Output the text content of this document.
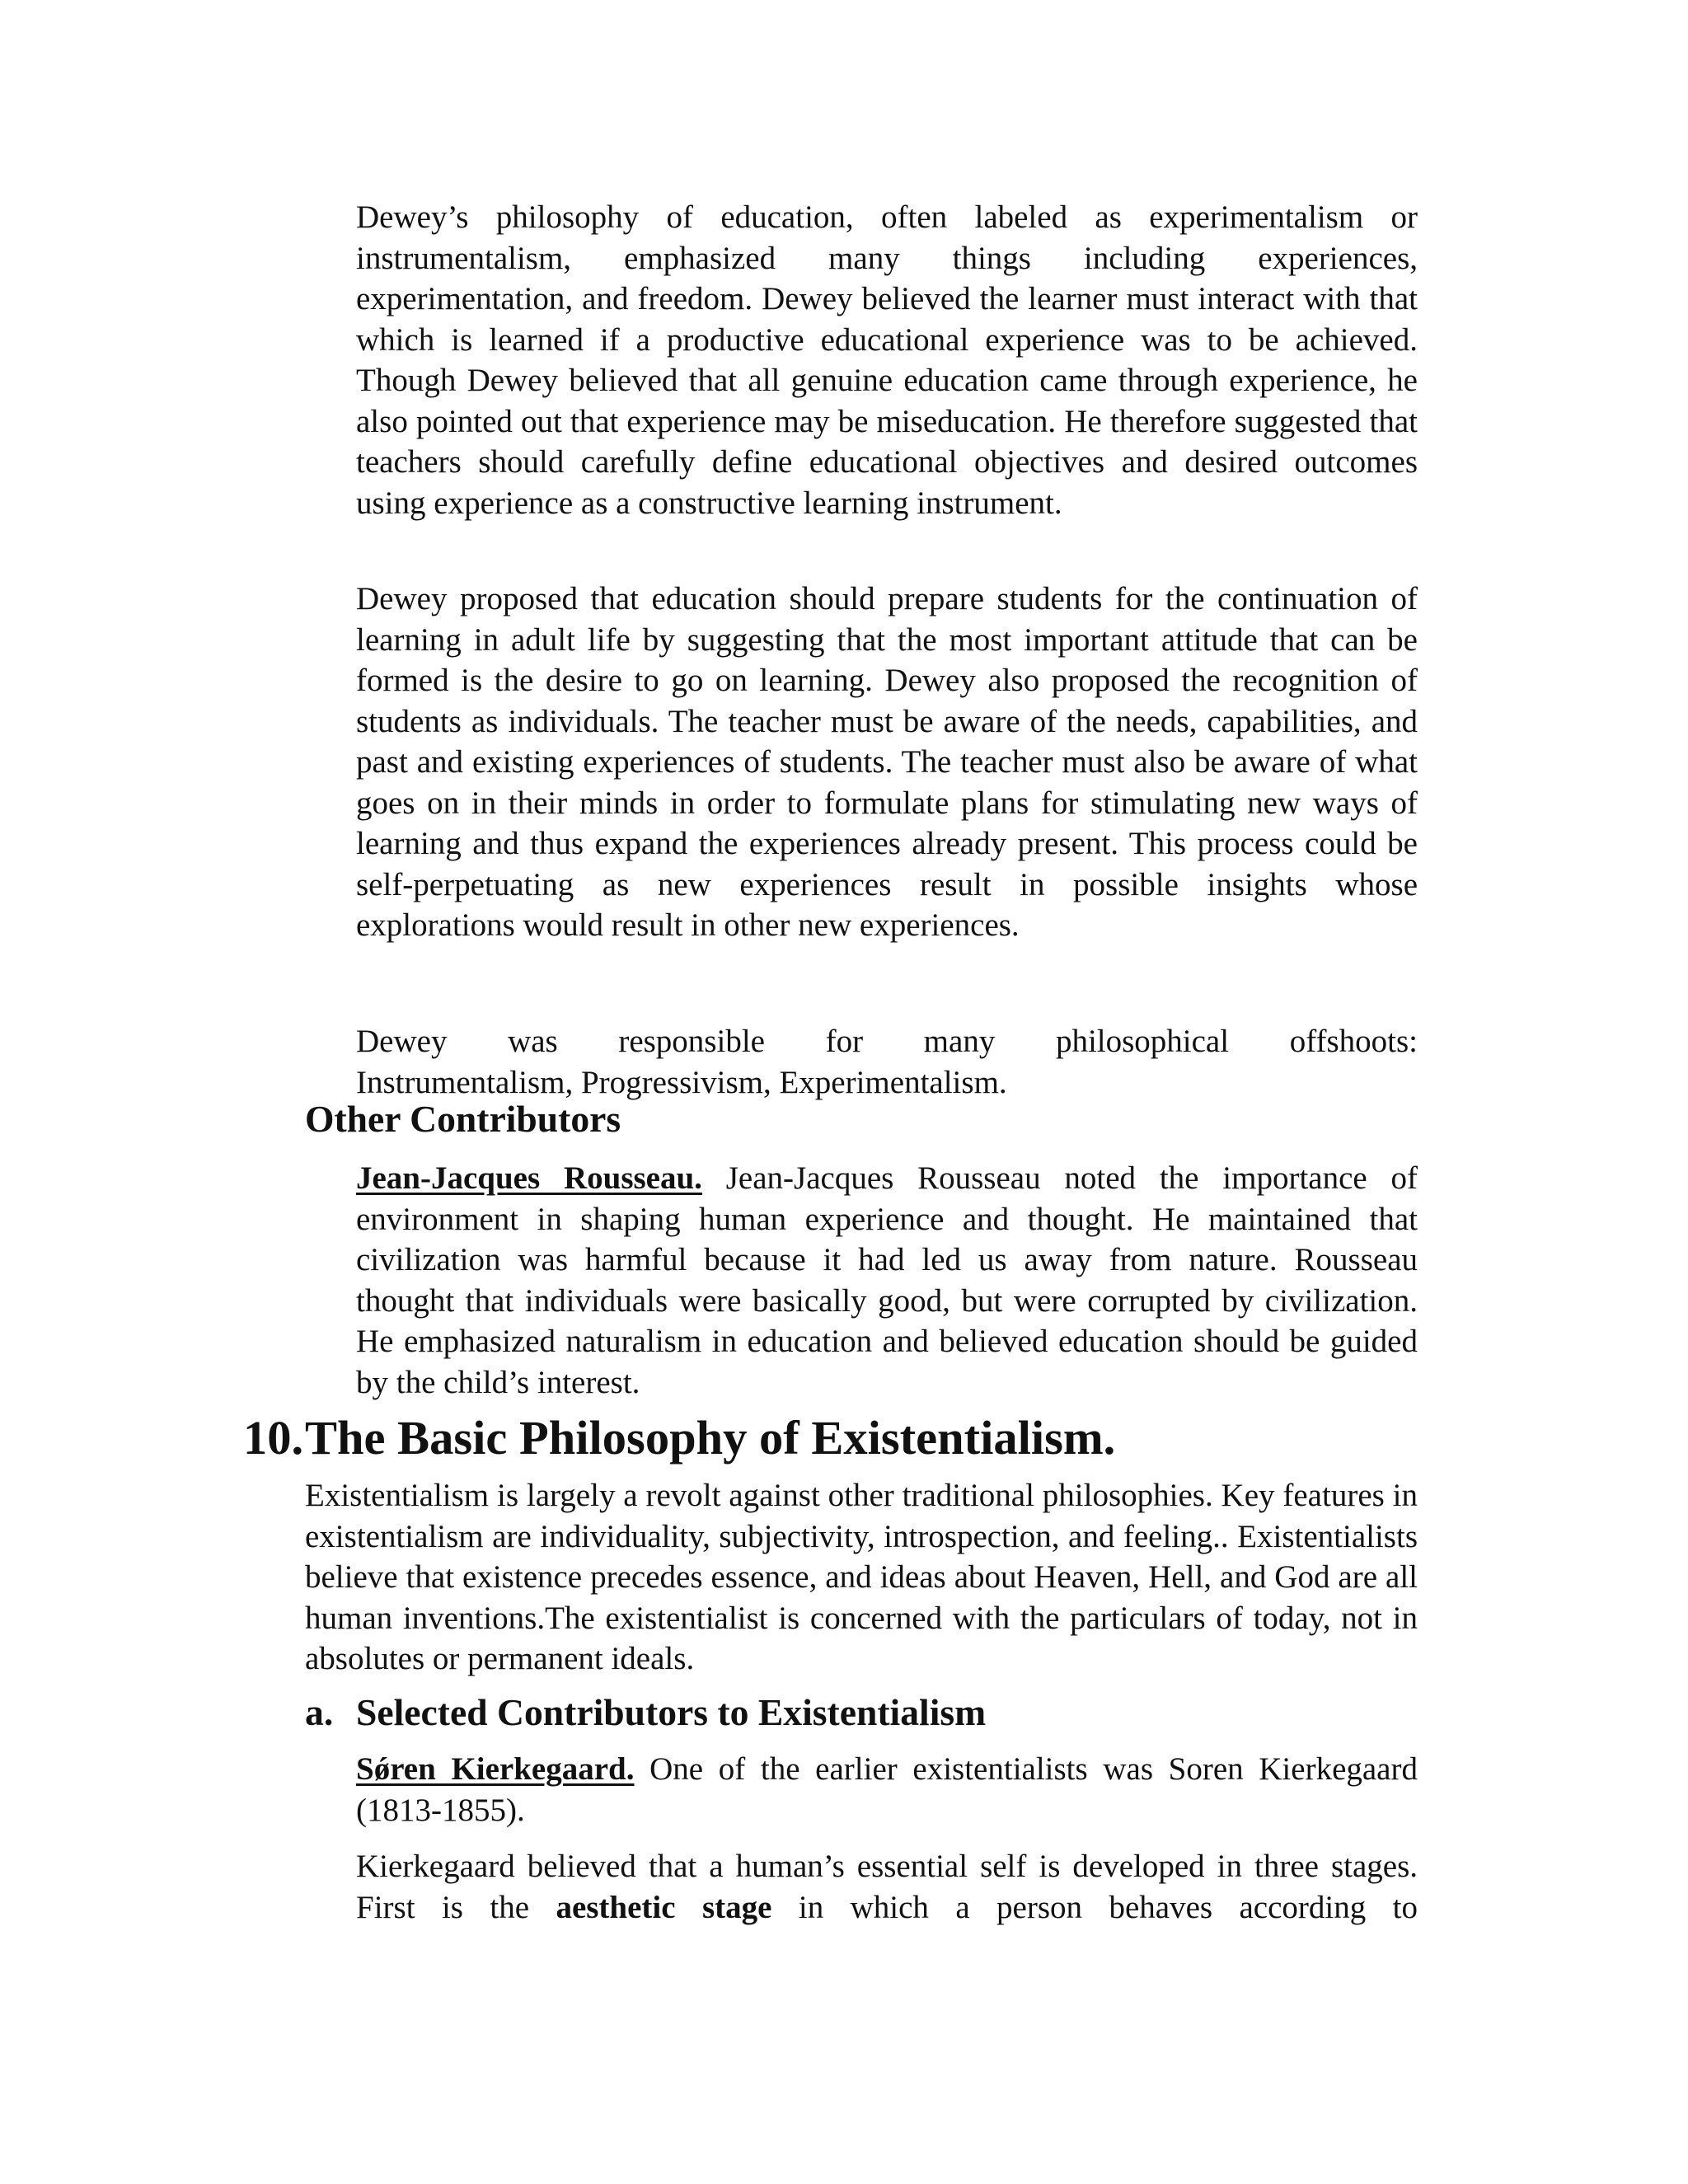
Dewey’s philosophy of education, often labeled as experimentalism or instrumentalism, emphasized many things including experiences, experimentation, and freedom. Dewey believed the learner must interact with that which is learned if a productive educational experience was to be achieved. Though Dewey believed that all genuine education came through experience, he also pointed out that experience may be miseducation. He therefore suggested that teachers should carefully define educational objectives and desired outcomes using experience as a constructive learning instrument.

Dewey proposed that education should prepare students for the continuation of learning in adult life by suggesting that the most important attitude that can be formed is the desire to go on learning. Dewey also proposed the recognition of students as individuals. The teacher must be aware of the needs, capabilities, and past and existing experiences of students. The teacher must also be aware of what goes on in their minds in order to formulate plans for stimulating new ways of learning and thus expand the experiences already present. This process could be self-perpetuating as new experiences result in possible insights whose explorations would result in other new experiences.

Dewey was responsible for many philosophical offshoots:
Instrumentalism, Progressivism, Experimentalism.
Other Contributors

Jean-Jacques Rousseau. Jean-Jacques Rousseau noted the importance of environment in shaping human experience and thought. He maintained that civilization was harmful because it had led us away from nature. Rousseau thought that individuals were basically good, but were corrupted by civilization. He emphasized naturalism in education and believed education should be guided by the child’s interest.

10.The Basic Philosophy of Existentialism.

Existentialism is largely a revolt against other traditional philosophies. Key features in existentialism are individuality, subjectivity, introspection, and feeling.. Existentialists believe that existence precedes essence, and ideas about Heaven, Hell, and God are all human inventions.The existentialist is concerned with the particulars of today, not in absolutes or permanent ideals.

a. Selected Contributors to Existentialism

Sǿren Kierkegaard. One of the earlier existentialists was Soren Kierkegaard (1813-1855).

Kierkegaard believed that a human’s essential self is developed in three stages. First is the aesthetic stage in which a person behaves according to
